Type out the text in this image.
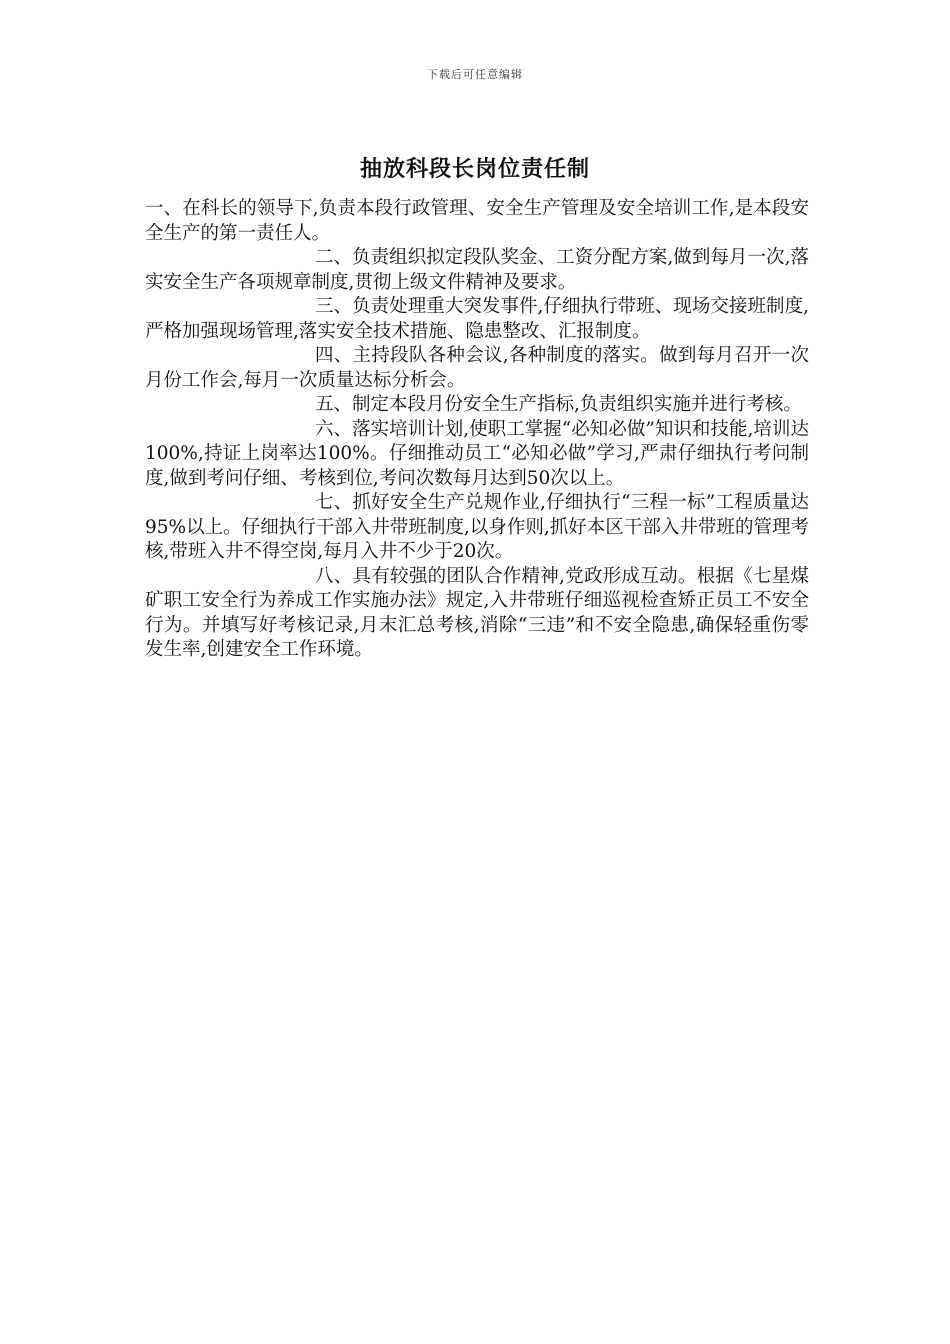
下载后可任意编辑
抽放科段长岗位责任制

一、在科长的领导下,负责本段行政管理、安全生产管理及安全培训工作,是本段安全生产的第一责任人。

二、负责组织拟定段队奖金、工资分配方案,做到每月一次,落实安全生产各项规章制度,贯彻上级文件精神及要求。

三、负责处理重大突发事件,仔细执行带班、现场交接班制度,严格加强现场管理,落实安全技术措施、隐患整改、汇报制度。

四、主持段队各种会议,各种制度的落实。做到每月召开一次月份工作会,每月一次质量达标分析会。

五、制定本段月份安全生产指标,负责组织实施并进行考核。

六、落实培训计划,使职工掌握“必知必做”知识和技能,培训达100%,持证上岗率达100%。仔细推动员工“必知必做”学习,严肃仔细执行考问制度,做到考问仔细、考核到位,考问次数每月达到50次以上。

七、抓好安全生产兑规作业,仔细执行“三程一标”工程质量达95%以上。仔细执行干部入井带班制度,以身作则,抓好本区干部入井带班的管理考核,带班入井不得空岗,每月入井不少于20次。

八、具有较强的团队合作精神,党政形成互动。根据《七星煤矿职工安全行为养成工作实施办法》规定,入井带班仔细巡视检查矫正员工不安全行为。并填写好考核记录,月末汇总考核,消除“三违”和不安全隐患,确保轻重伤零发生率,创建安全工作环境。
